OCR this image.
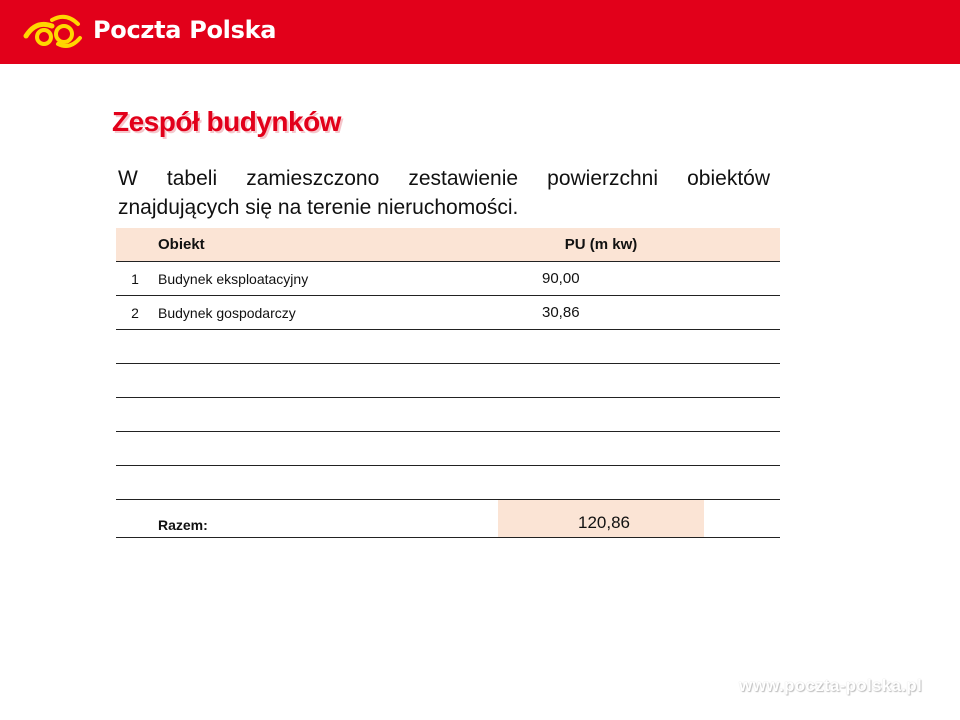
Poczta Polska
Zespół budynków
W tabeli zamieszczono zestawienie powierzchni obiektów znajdujących się na terenie nieruchomości.
	Obiekt	PU (m kw)	
1	Budynek eksploatacyjny	90,00	
2	Budynek gospodarczy	30,86	

	Razem:	120,86	
www.poczta-polska.pl
